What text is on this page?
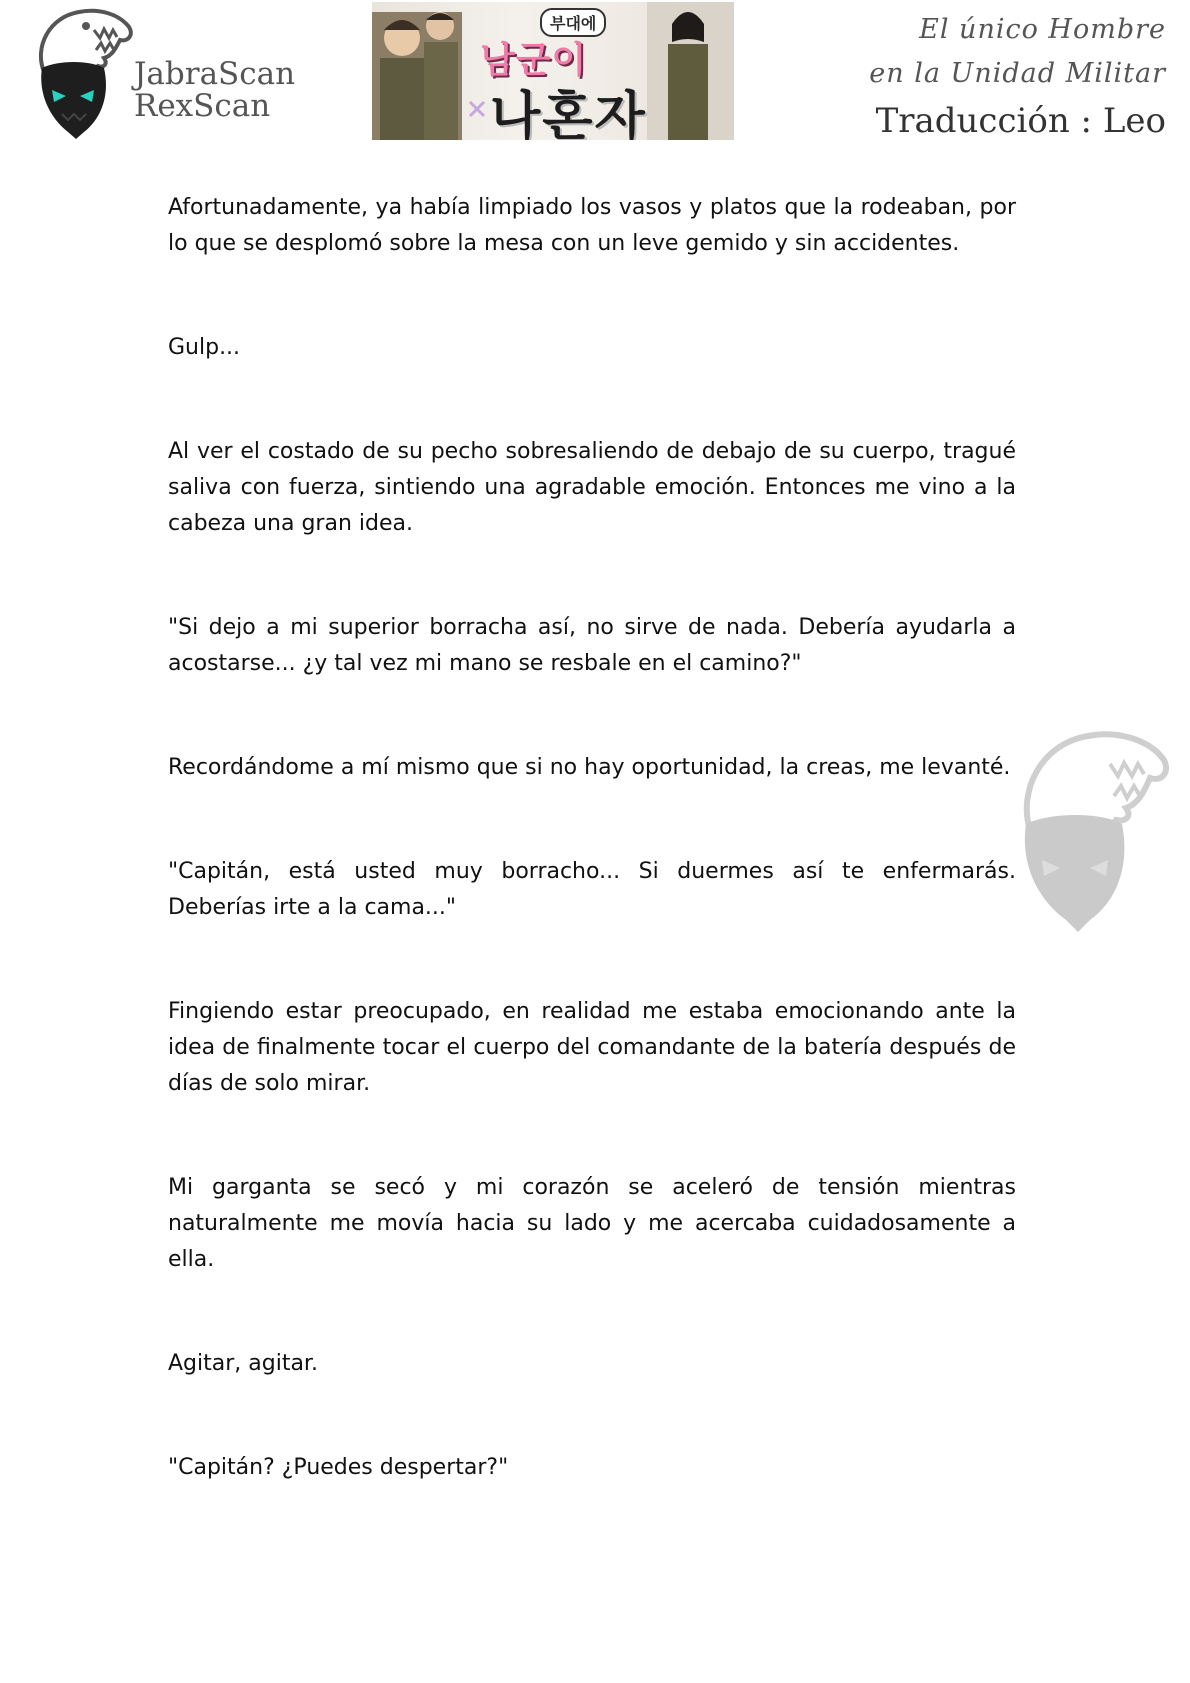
JabraScan
RexScan
부대에
남군이
나혼자
El único Hombre
en la Unidad Militar
Traducción : Leo

Afortunadamente, ya había limpiado los vasos y platos que la rodeaban, por lo que se desplomó sobre la mesa con un leve gemido y sin accidentes.

Gulp...

Al ver el costado de su pecho sobresaliendo de debajo de su cuerpo, tragué saliva con fuerza, sintiendo una agradable emoción. Entonces me vino a la cabeza una gran idea.

"Si dejo a mi superior borracha así, no sirve de nada. Debería ayudarla a acostarse... ¿y tal vez mi mano se resbale en el camino?"

Recordándome a mí mismo que si no hay oportunidad, la creas, me levanté.

"Capitán, está usted muy borracho... Si duermes así te enfermarás. Deberías irte a la cama..."

Fingiendo estar preocupado, en realidad me estaba emocionando ante la idea de finalmente tocar el cuerpo del comandante de la batería después de días de solo mirar.

Mi garganta se secó y mi corazón se aceleró de tensión mientras naturalmente me movía hacia su lado y me acercaba cuidadosamente a ella.

Agitar, agitar.

"Capitán? ¿Puedes despertar?"
